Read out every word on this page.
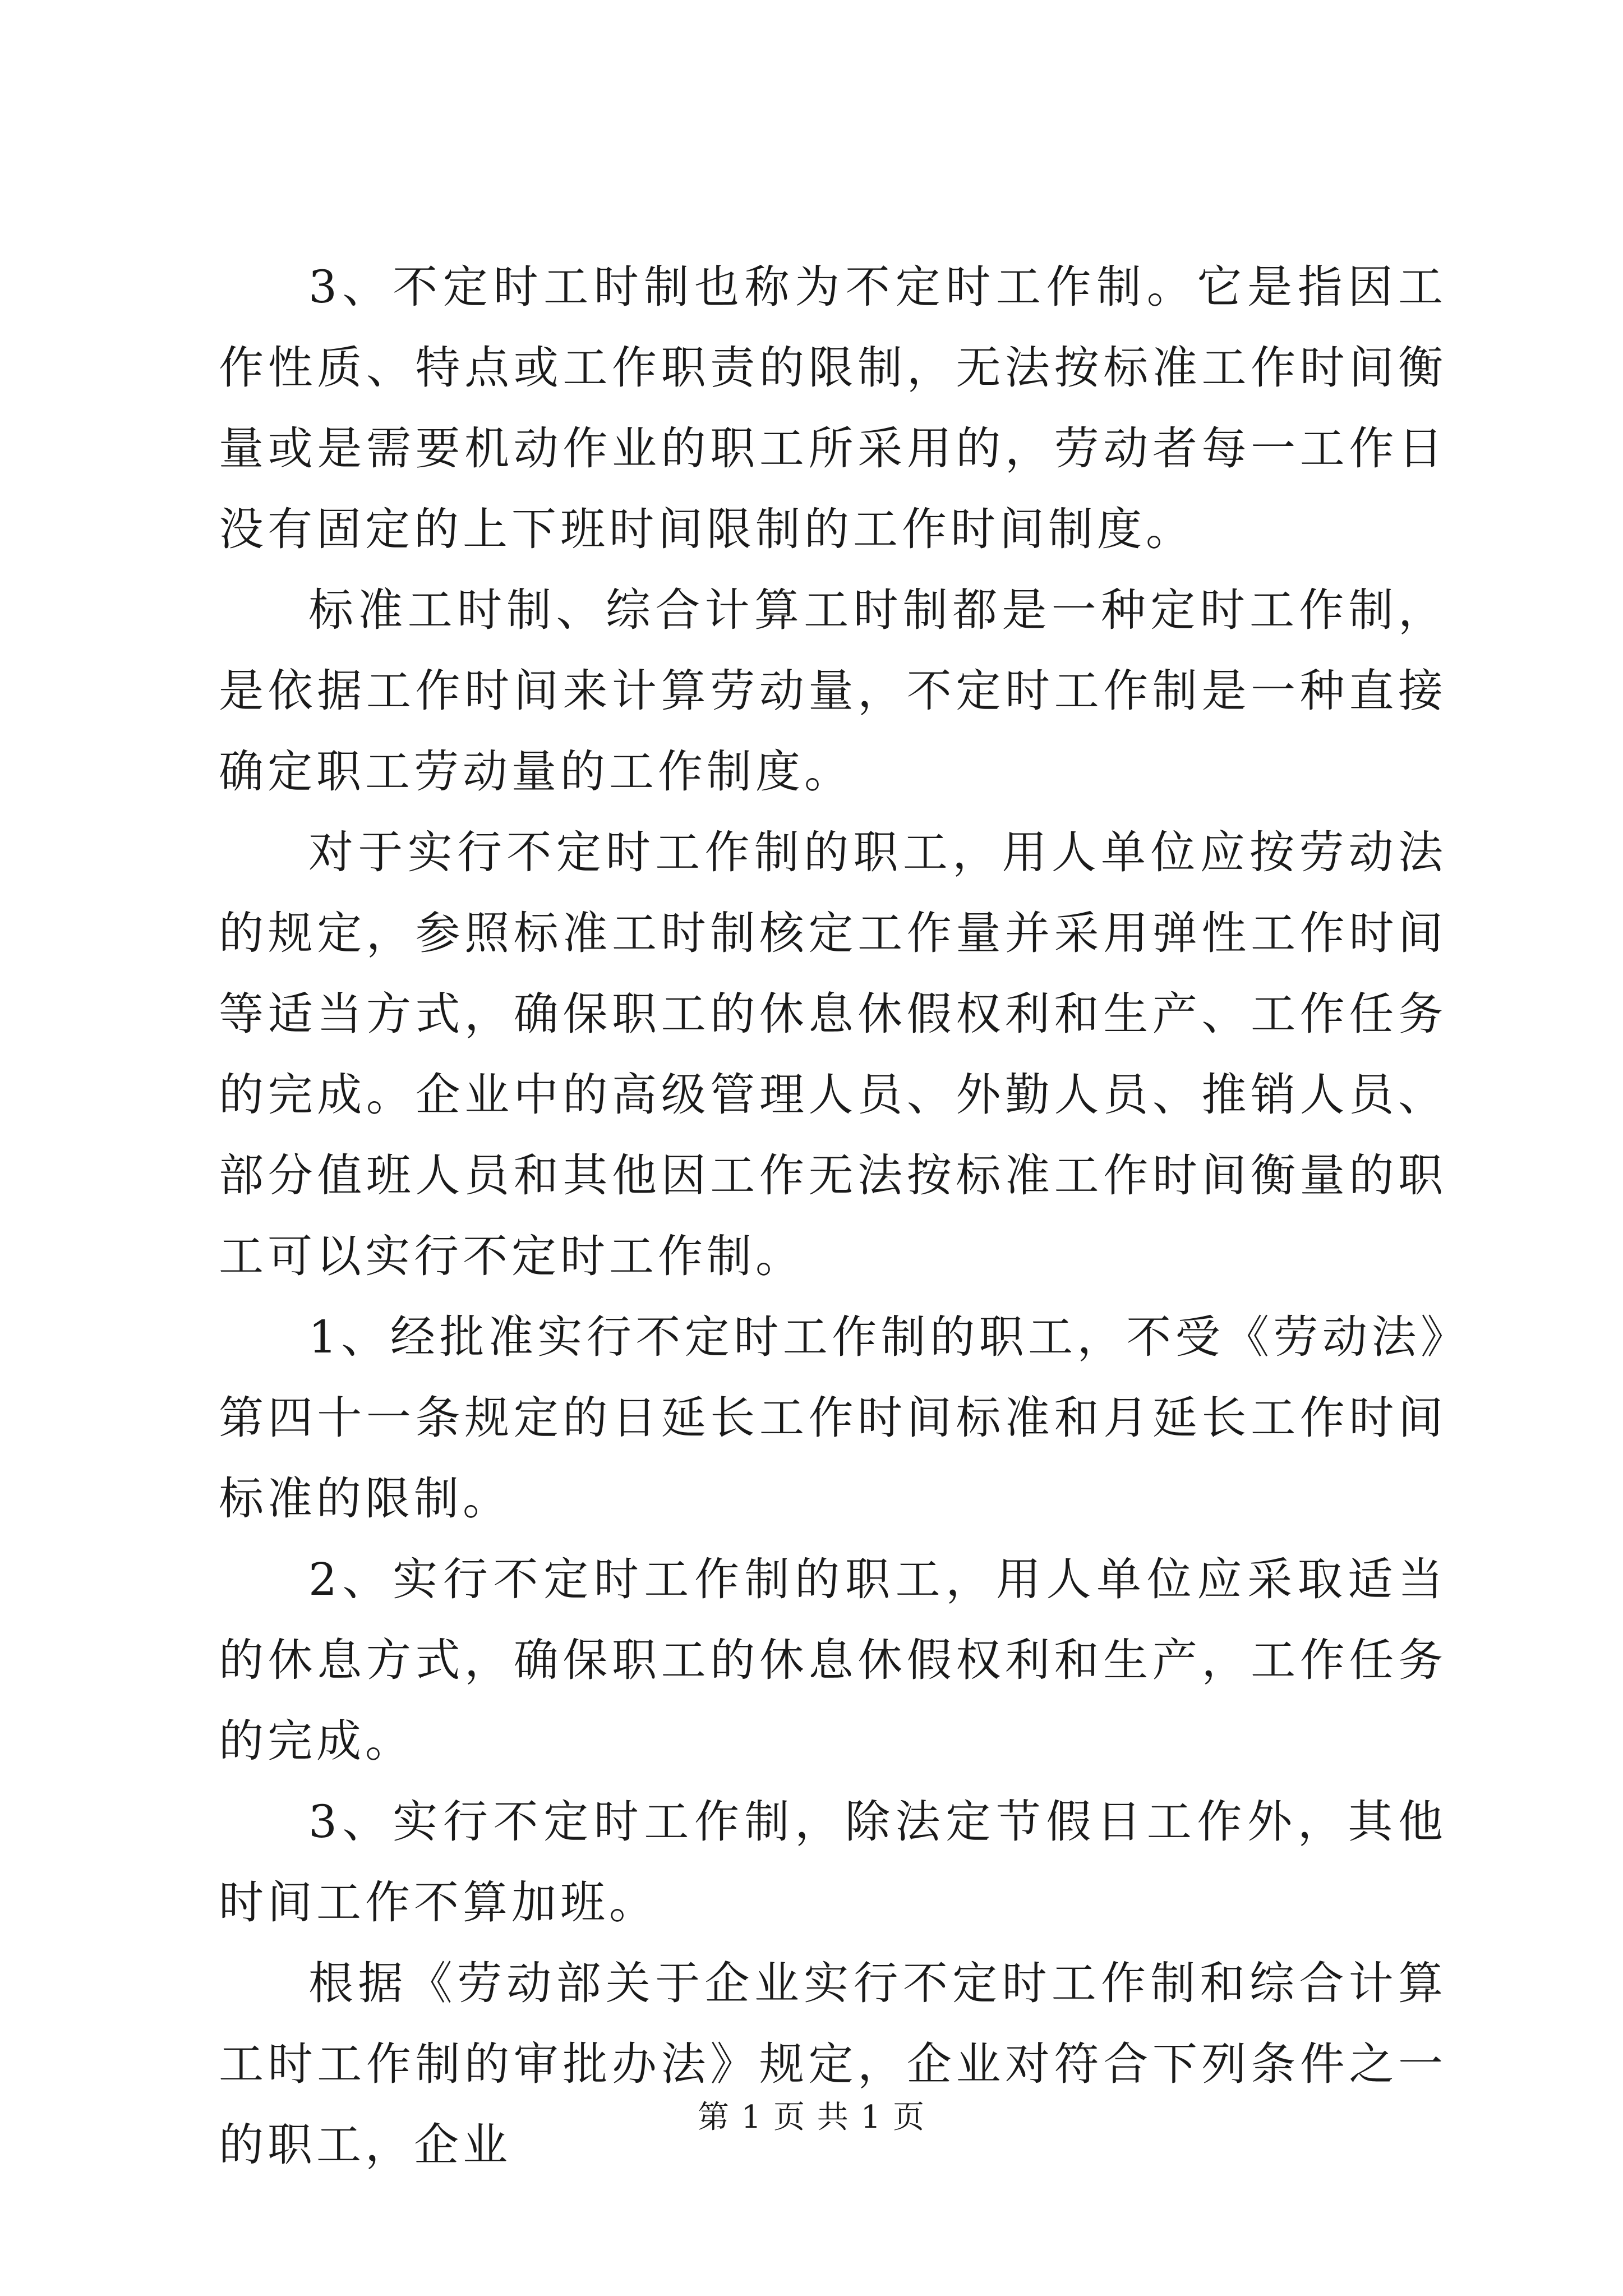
3、不定时工时制也称为不定时工作制。它是指因工作性质、特点或工作职责的限制，无法按标准工作时间衡量或是需要机动作业的职工所采用的，劳动者每一工作日没有固定的上下班时间限制的工作时间制度。

标准工时制、综合计算工时制都是一种定时工作制，是依据工作时间来计算劳动量，不定时工作制是一种直接确定职工劳动量的工作制度。

对于实行不定时工作制的职工，用人单位应按劳动法的规定，参照标准工时制核定工作量并采用弹性工作时间等适当方式，确保职工的休息休假权利和生产、工作任务的完成。企业中的高级管理人员、外勤人员、推销人员、部分值班人员和其他因工作无法按标准工作时间衡量的职工可以实行不定时工作制。

1、经批准实行不定时工作制的职工，不受《劳动法》第四十一条规定的日延长工作时间标准和月延长工作时间标准的限制。

2、实行不定时工作制的职工，用人单位应采取适当的休息方式，确保职工的休息休假权利和生产，工作任务的完成。

3、实行不定时工作制，除法定节假日工作外，其他时间工作不算加班。

根据《劳动部关于企业实行不定时工作制和综合计算工时工作制的审批办法》规定，企业对符合下列条件之一的职工，企业

第 1 页 共 1 页
